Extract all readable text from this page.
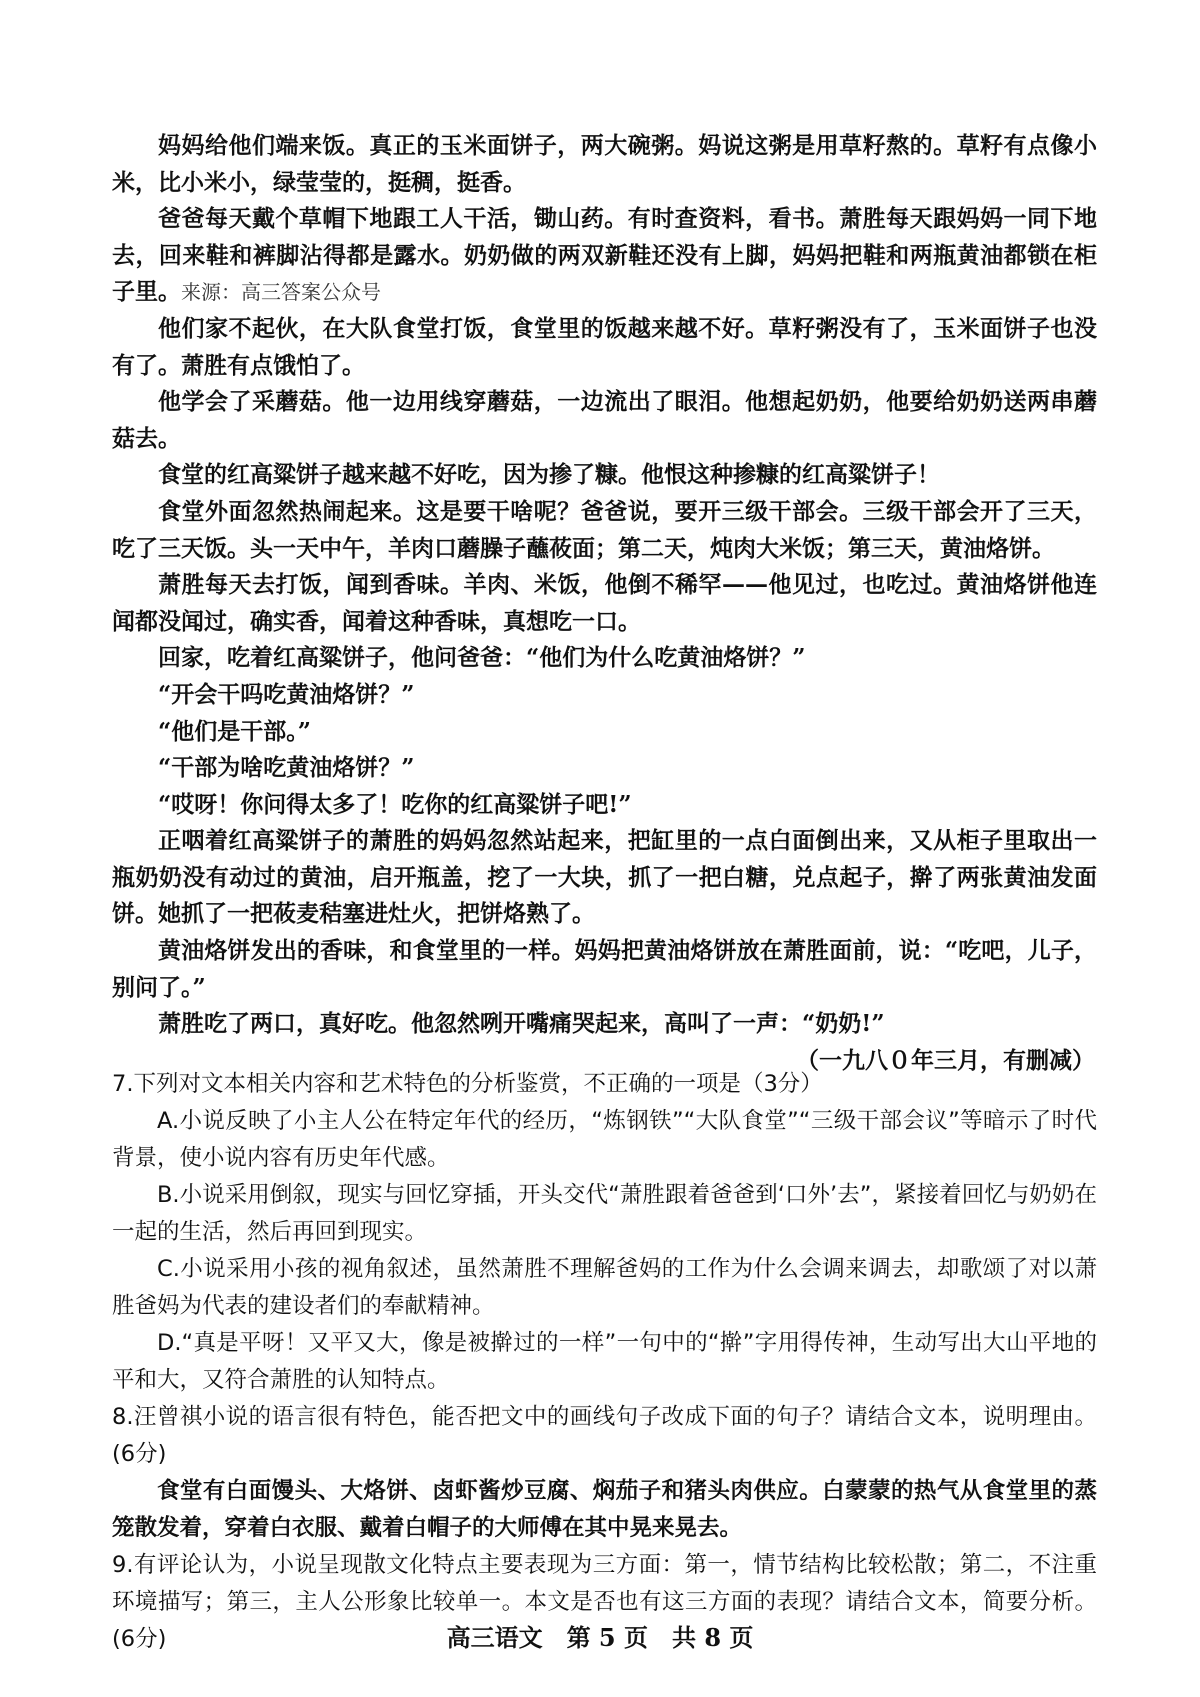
妈妈给他们端来饭。真正的玉米面饼子，两大碗粥。妈说这粥是用草籽熬的。草籽有点像小米，比小米小，绿莹莹的，挺稠，挺香。

爸爸每天戴个草帽下地跟工人干活，锄山药。有时查资料，看书。萧胜每天跟妈妈一同下地去，回来鞋和裤脚沾得都是露水。奶奶做的两双新鞋还没有上脚，妈妈把鞋和两瓶黄油都锁在柜子里。来源：高三答案公众号

他们家不起伙，在大队食堂打饭，食堂里的饭越来越不好。草籽粥没有了，玉米面饼子也没有了。萧胜有点饿怕了。

他学会了采蘑菇。他一边用线穿蘑菇，一边流出了眼泪。他想起奶奶，他要给奶奶送两串蘑菇去。

食堂的红高粱饼子越来越不好吃，因为掺了糠。他恨这种掺糠的红高粱饼子！

食堂外面忽然热闹起来。这是要干啥呢？爸爸说，要开三级干部会。三级干部会开了三天，吃了三天饭。头一天中午，羊肉口蘑臊子蘸莜面；第二天，炖肉大米饭；第三天，黄油烙饼。

萧胜每天去打饭，闻到香味。羊肉、米饭，他倒不稀罕——他见过，也吃过。黄油烙饼他连闻都没闻过，确实香，闻着这种香味，真想吃一口。

回家，吃着红高粱饼子，他问爸爸：“他们为什么吃黄油烙饼？”

“开会干吗吃黄油烙饼？”

“他们是干部。”

“干部为啥吃黄油烙饼？”

“哎呀！你问得太多了！吃你的红高粱饼子吧!”

正咽着红高粱饼子的萧胜的妈妈忽然站起来，把缸里的一点白面倒出来，又从柜子里取出一瓶奶奶没有动过的黄油，启开瓶盖，挖了一大块，抓了一把白糖，兑点起子，擀了两张黄油发面饼。她抓了一把莜麦秸塞进灶火，把饼烙熟了。

黄油烙饼发出的香味，和食堂里的一样。妈妈把黄油烙饼放在萧胜面前，说：“吃吧，儿子，别问了。”

萧胜吃了两口，真好吃。他忽然咧开嘴痛哭起来，高叫了一声：“奶奶!”

（一九八０年三月，有删减）

7.下列对文本相关内容和艺术特色的分析鉴赏，不正确的一项是（3分）

A.小说反映了小主人公在特定年代的经历，“炼钢铁”“大队食堂”“三级干部会议”等暗示了时代背景，使小说内容有历史年代感。

B.小说采用倒叙，现实与回忆穿插，开头交代“萧胜跟着爸爸到‘口外’去”，紧接着回忆与奶奶在一起的生活，然后再回到现实。

C.小说采用小孩的视角叙述，虽然萧胜不理解爸妈的工作为什么会调来调去，却歌颂了对以萧胜爸妈为代表的建设者们的奉献精神。

D.“真是平呀！又平又大，像是被擀过的一样”一句中的“擀”字用得传神，生动写出大山平地的平和大，又符合萧胜的认知特点。

8.汪曾祺小说的语言很有特色，能否把文中的画线句子改成下面的句子？请结合文本，说明理由。(6分)

食堂有白面馒头、大烙饼、卤虾酱炒豆腐、焖茄子和猪头肉供应。白蒙蒙的热气从食堂里的蒸笼散发着，穿着白衣服、戴着白帽子的大师傅在其中晃来晃去。

9.有评论认为，小说呈现散文化特点主要表现为三方面：第一，情节结构比较松散；第二，不注重环境描写；第三，主人公形象比较单一。本文是否也有这三方面的表现？请结合文本，简要分析。(6分)	高三语文　第 5 页　共 8 页
